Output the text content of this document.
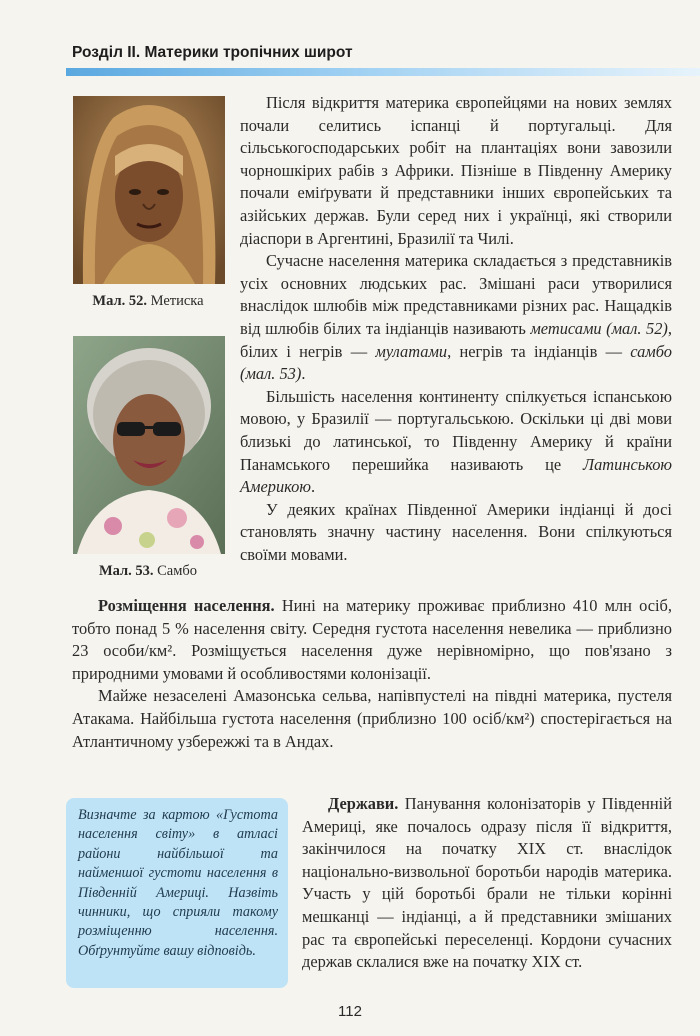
Розділ ІІ. Материки тропічних широт
Мал. 52. Метиска
Мал. 53. Самбо

Після відкриття материка європейцями на нових землях почали селитись іспанці й португальці. Для сільськогосподарських робіт на плантаціях вони завозили чорношкірих рабів з Африки. Пізніше в Південну Америку почали еміґрувати й представники інших європейських та азійських держав. Були серед них і українці, які створили діаспори в Аргентині, Бразилії та Чилі.

Сучасне населення материка складається з представників усіх основних людських рас. Змішані раси утворилися внаслідок шлюбів між представниками різних рас. Нащадків від шлюбів білих та індіанців називають метисами (мал. 52), білих і негрів — мулатами, негрів та індіанців — самбо (мал. 53).

Більшість населення континенту спілкується іспанською мовою, у Бразилії — португальською. Оскільки ці дві мови близькі до латинської, то Південну Америку й країни Панамського перешийка називають це Латинською Америкою.

У деяких країнах Південної Америки індіанці й досі становлять значну частину населення. Вони спілкуються своїми мовами.

Розміщення населення. Нині на материку проживає приблизно 410 млн осіб, тобто понад 5 % населення світу. Середня густота населення невелика — приблизно 23 особи/км². Розміщується населення дуже нерівномірно, що пов'язано з природними умовами й особливостями колонізації.

Майже незаселені Амазонська сельва, напівпустелі на півдні материка, пустеля Атакама. Найбільша густота населення (приблизно 100 осіб/км²) спостерігається на Атлантичному узбережжі та в Андах.

Визначте за картою «Густота населення світу» в атласі райони найбільшої та найменшої густоти населення в Південній Америці. Назвіть чинники, що сприяли такому розміщенню населення. Обґрунтуйте вашу відповідь.

Держави. Панування колонізаторів у Південній Америці, яке почалось одразу після її відкриття, закінчилося на початку XIX ст. внаслідок національно-визвольної боротьби народів материка. Участь у цій боротьбі брали не тільки корінні мешканці — індіанці, а й представники змішаних рас та європейські переселенці. Кордони сучасних держав склалися вже на початку XIX ст.

112
